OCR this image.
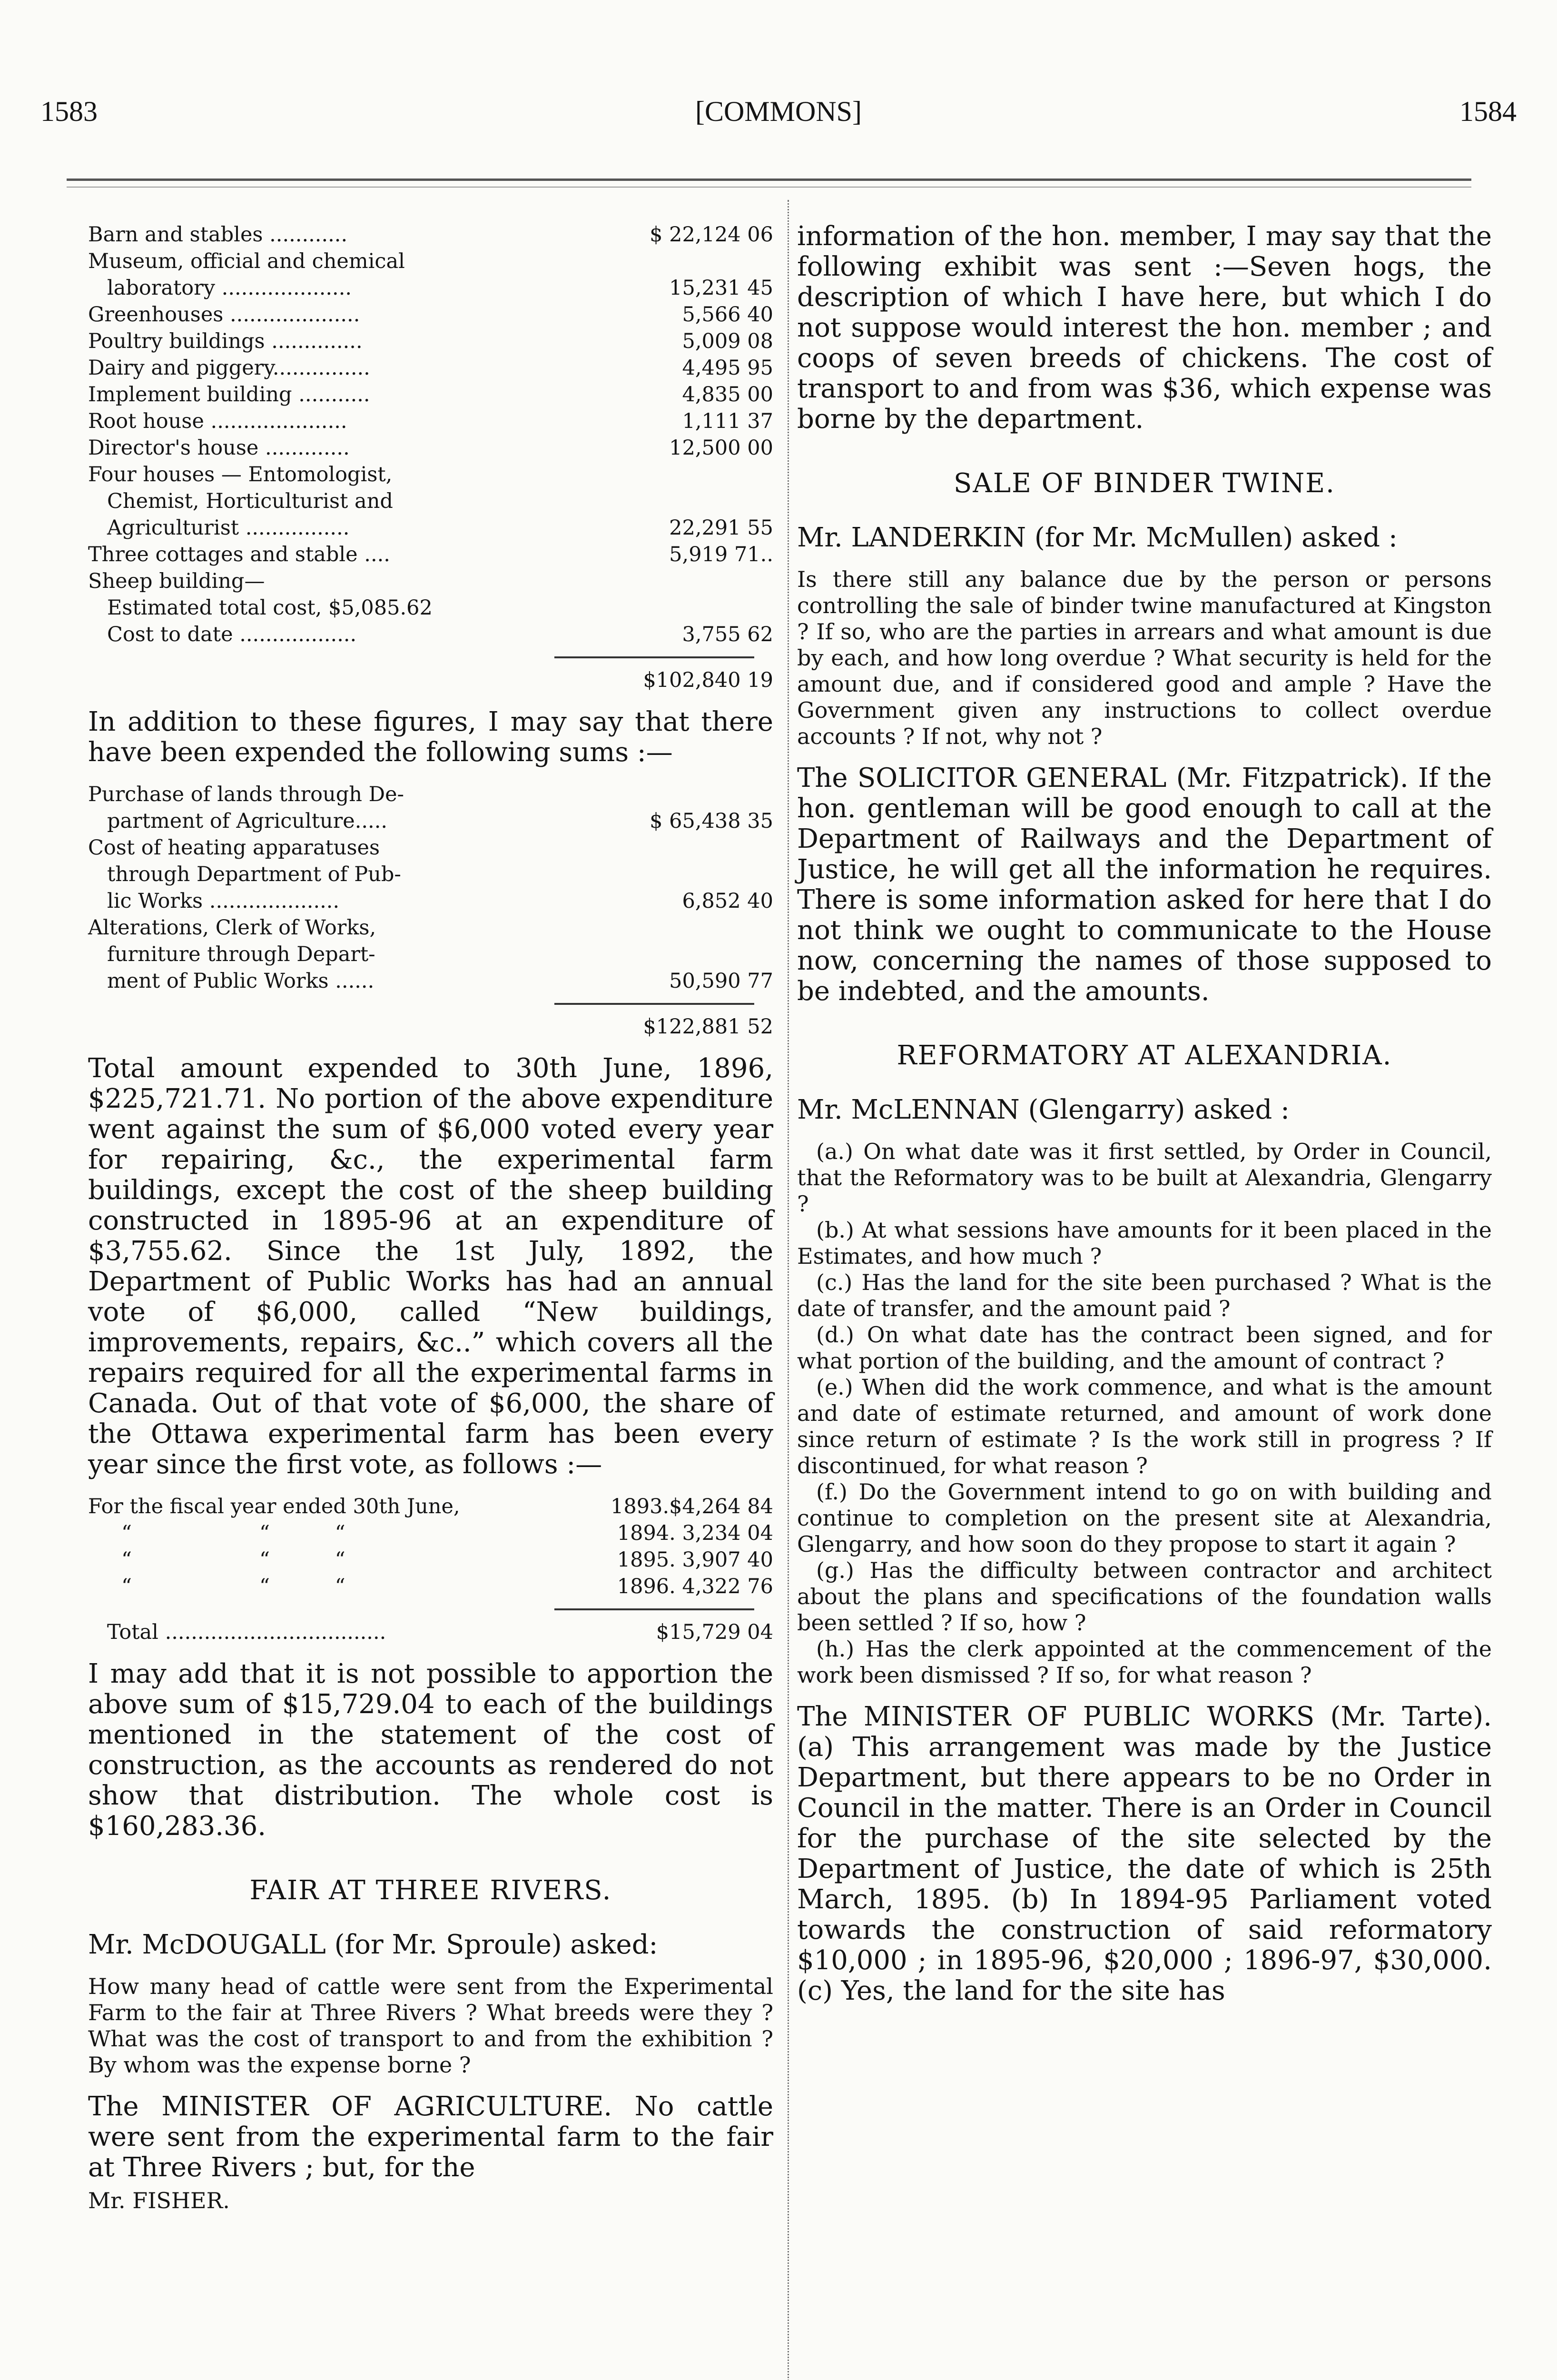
1583	[COMMONS]	1584
Barn and stables ............	$ 22,124 06
Museum, official and chemical
laboratory ....................	15,231 45
Greenhouses ....................	5,566 40
Poultry buildings ..............	5,009 08
Dairy and piggery...............	4,495 95
Implement building ...........	4,835 00
Root house .....................	1,111 37
Director's house .............	12,500 00
Four houses — Entomologist,
Chemist, Horticulturist and
Agriculturist ................	22,291 55
Three cottages and stable ....	5,919 71..
Sheep building—
Estimated total cost, $5,085.62
Cost to date ..................	3,755 62
$102,840 19

In addition to these figures, I may say that there have been expended the following sums :—

Purchase of lands through De-
partment of Agriculture.....	$ 65,438 35
Cost of heating apparatuses
through Department of Pub-
lic Works ....................	6,852 40
Alterations, Clerk of Works,
furniture through Depart-
ment of Public Works ......	50,590 77
$122,881 52

Total amount expended to 30th June, 1896, $225,721.71. No portion of the above expenditure went against the sum of $6,000 voted every year for repairing, &c., the experimental farm buildings, except the cost of the sheep building constructed in 1895-96 at an expenditure of $3,755.62. Since the 1st July, 1892, the Department of Public Works has had an annual vote of $6,000, called “New buildings, improvements, repairs, &c..” which covers all the repairs required for all the experimental farms in Canada. Out of that vote of $6,000, the share of the Ottawa experimental farm has been every year since the first vote, as follows :—

For the fiscal year ended 30th June,	1893.$4,264 84
“	“          “	1894. 3,234 04
“	“          “	1895. 3,907 40
“	“          “	1896. 4,322 76
Total ..................................	$15,729 04

I may add that it is not possible to apportion the above sum of $15,729.04 to each of the buildings mentioned in the statement of the cost of construction, as the accounts as rendered do not show that distribution. The whole cost is $160,283.36.

FAIR AT THREE RIVERS.

Mr. McDOUGALL (for Mr. Sproule) asked:

How many head of cattle were sent from the Experimental Farm to the fair at Three Rivers ? What breeds were they ? What was the cost of transport to and from the exhibition ? By whom was the expense borne ?

The MINISTER OF AGRICULTURE. No cattle were sent from the experimental farm to the fair at Three Rivers ; but, for the

Mr. FISHER.

information of the hon. member, I may say that the following exhibit was sent :—Seven hogs, the description of which I have here, but which I do not suppose would interest the hon. member ; and coops of seven breeds of chickens. The cost of transport to and from was $36, which expense was borne by the department.

SALE OF BINDER TWINE.

Mr. LANDERKIN (for Mr. McMullen) asked :

Is there still any balance due by the person or persons controlling the sale of binder twine manufactured at Kingston ? If so, who are the parties in arrears and what amount is due by each, and how long overdue ? What security is held for the amount due, and if considered good and ample ? Have the Government given any instructions to collect overdue accounts ? If not, why not ?

The SOLICITOR GENERAL (Mr. Fitzpatrick). If the hon. gentleman will be good enough to call at the Department of Railways and the Department of Justice, he will get all the information he requires. There is some information asked for here that I do not think we ought to communicate to the House now, concerning the names of those supposed to be indebted, and the amounts.

REFORMATORY AT ALEXANDRIA.

Mr. McLENNAN (Glengarry) asked :

(a.) On what date was it first settled, by Order in Council, that the Reformatory was to be built at Alexandria, Glengarry ?

(b.) At what sessions have amounts for it been placed in the Estimates, and how much ?

(c.) Has the land for the site been purchased ? What is the date of transfer, and the amount paid ?

(d.) On what date has the contract been signed, and for what portion of the building, and the amount of contract ?

(e.) When did the work commence, and what is the amount and date of estimate returned, and amount of work done since return of estimate ? Is the work still in progress ? If discontinued, for what reason ?

(f.) Do the Government intend to go on with building and continue to completion on the present site at Alexandria, Glengarry, and how soon do they propose to start it again ?

(g.) Has the difficulty between contractor and architect about the plans and specifications of the foundation walls been settled ? If so, how ?

(h.) Has the clerk appointed at the commencement of the work been dismissed ? If so, for what reason ?

The MINISTER OF PUBLIC WORKS (Mr. Tarte). (a) This arrangement was made by the Justice Department, but there appears to be no Order in Council in the matter. There is an Order in Council for the purchase of the site selected by the Department of Justice, the date of which is 25th March, 1895. (b) In 1894-95 Parliament voted towards the construction of said reformatory $10,000 ; in 1895-96, $20,000 ; 1896-97, $30,000. (c) Yes, the land for the site has
